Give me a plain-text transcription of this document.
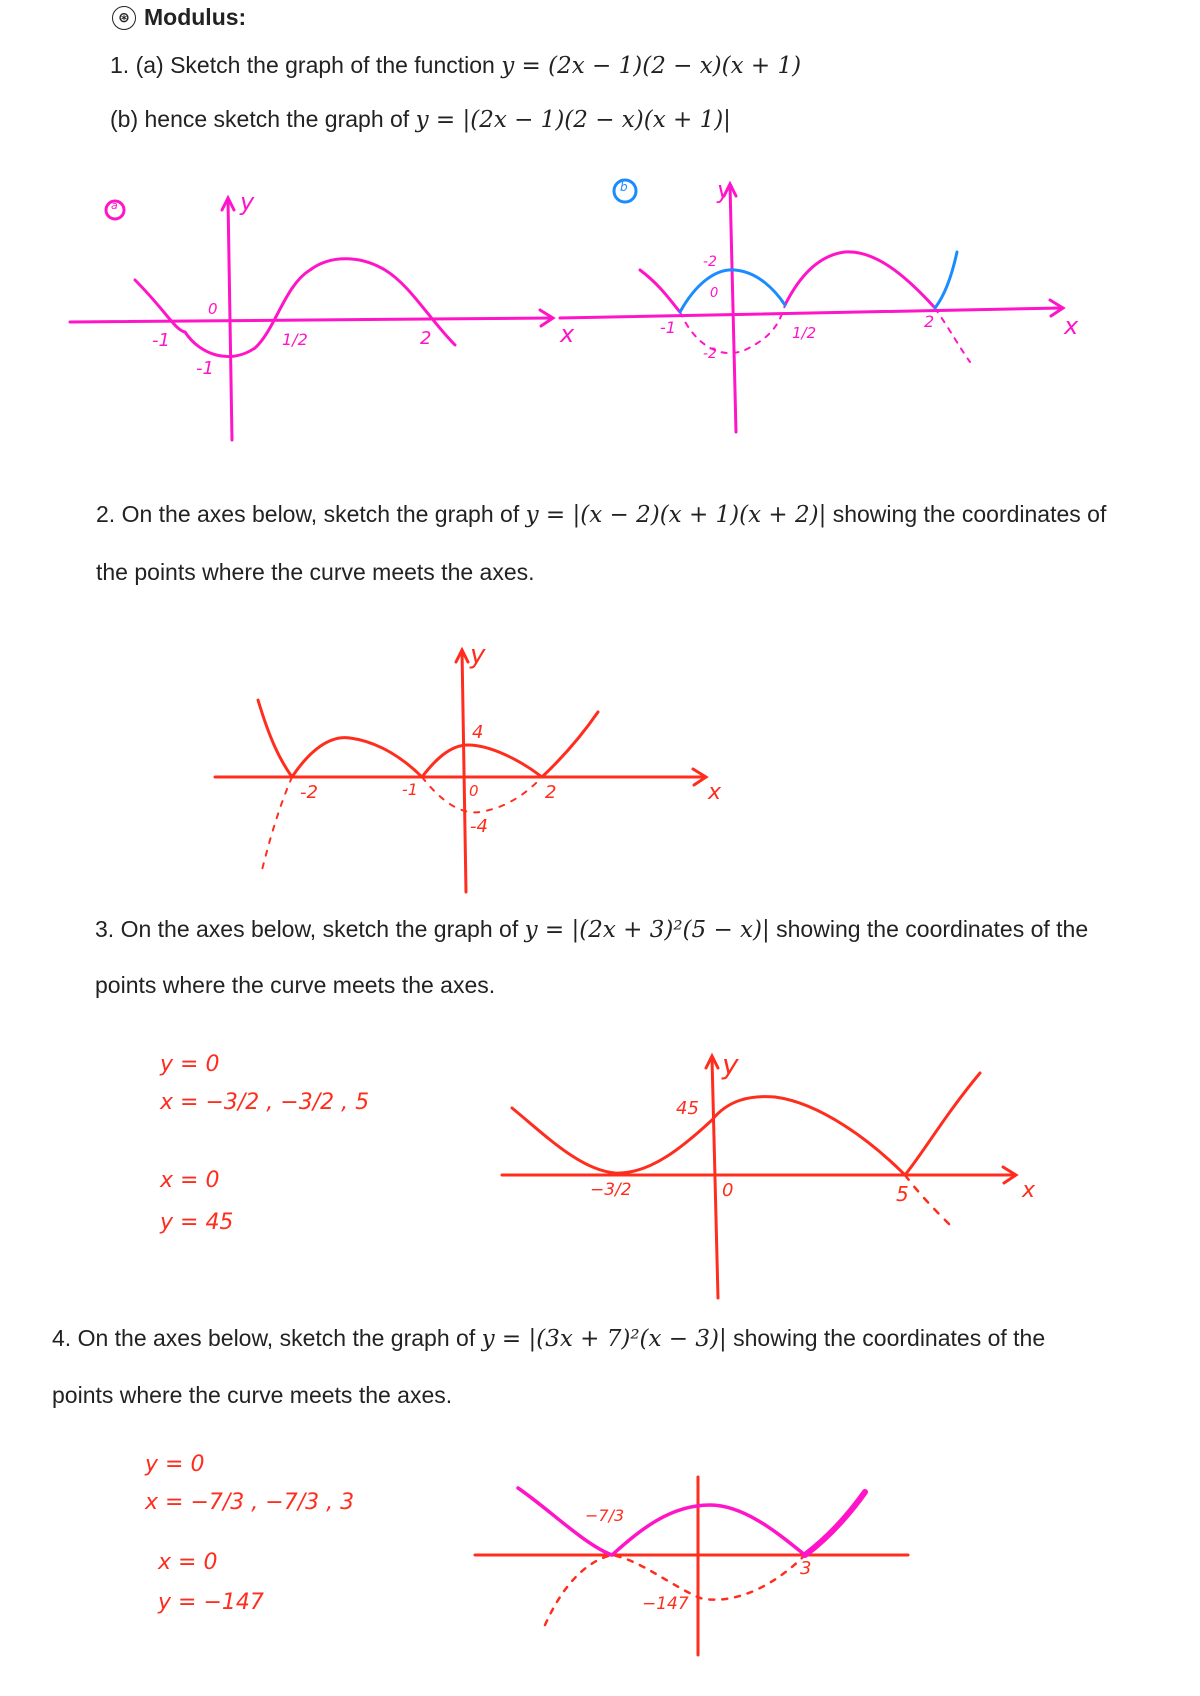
⊛ Modulus:
1. (a) Sketch the graph of the function y = (2x − 1)(2 − x)(x + 1)
(b) hence sketch the graph of y = |(2x − 1)(2 − x)(x + 1)|
a	y
x
0
-1	1/2	2
-1
b	y
x
0
-1	1/2
2
-2
-2
2. On the axes below, sketch the graph of y = |(x − 2)(x + 1)(x + 2)| showing the coordinates of
the points where the curve meets the axes.
y
x
0
-2	-1	2
4
-4
3. On the axes below, sketch the graph of y = |(2x + 3)²(5 − x)| showing the coordinates of the
points where the curve meets the axes.
y = 0
x = −3/2 , −3/2 , 5
x = 0
y = 45
y
x
0
45
−3/2	5
4. On the axes below, sketch the graph of y = |(3x + 7)²(x − 3)| showing the coordinates of the
points where the curve meets the axes.
y = 0
x = −7/3 , −7/3 , 3
x = 0
y = −147
−7/3
3
−147
